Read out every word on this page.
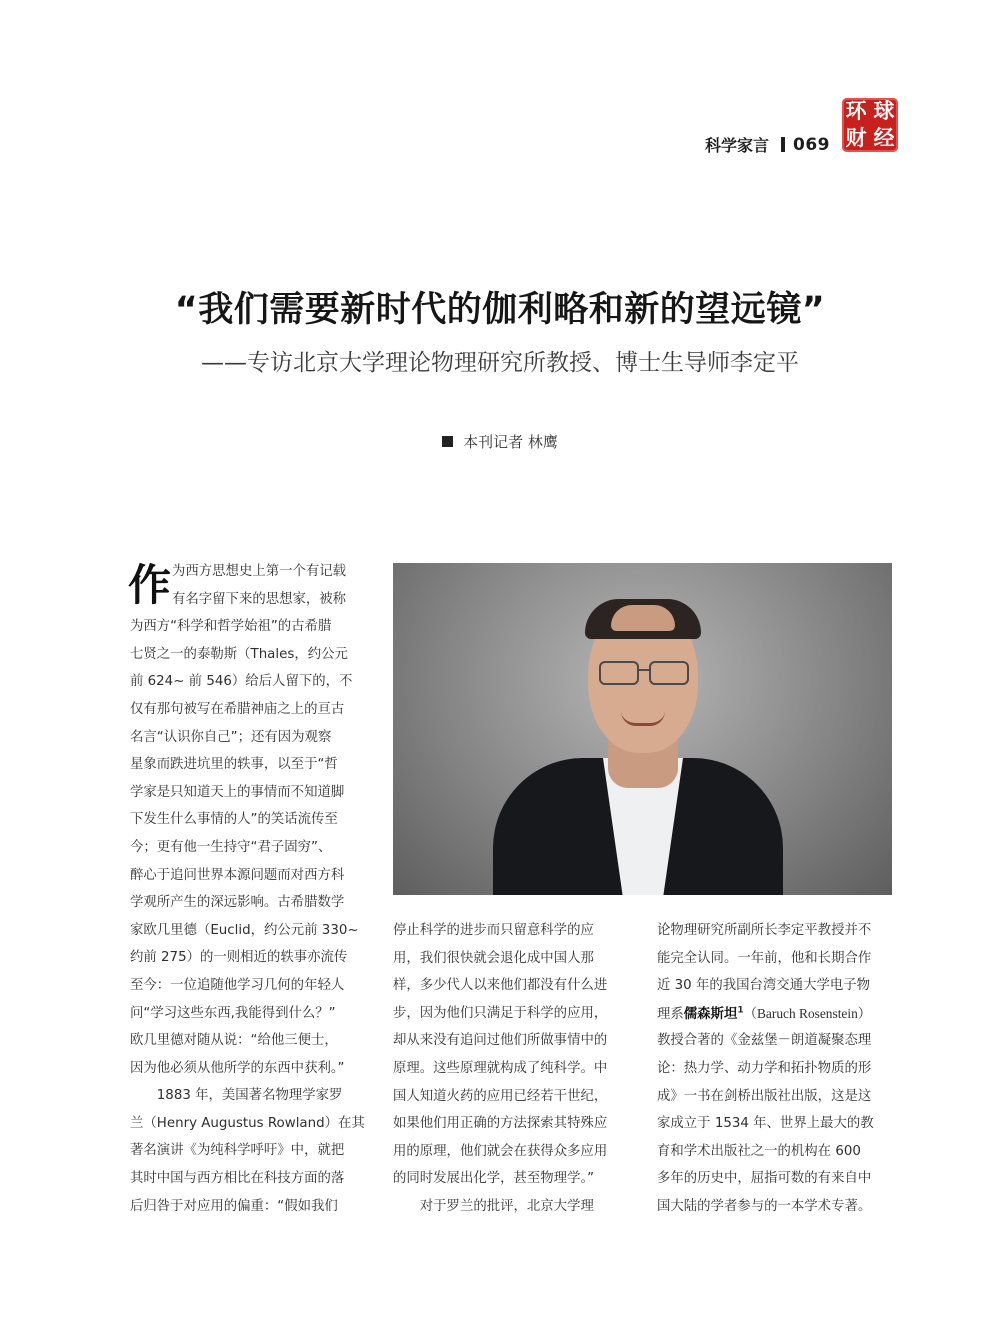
科学家言 069
环 球
财 经
“我们需要新时代的伽利略和新的望远镜”
——专访北京大学理论物理研究所教授、博士生导师李定平
本刊记者 林鹰
作 为西方思想史上第一个有记载
有名字留下来的思想家，被称
为西方“科学和哲学始祖”的古希腊
七贤之一的泰勒斯（Thales，约公元
前 624~ 前 546）给后人留下的，不
仅有那句被写在希腊神庙之上的亘古
名言“认识你自己”；还有因为观察
星象而跌进坑里的轶事，以至于“哲
学家是只知道天上的事情而不知道脚
下发生什么事情的人”的笑话流传至
今；更有他一生持守“君子固穷”、
醉心于追问世界本源问题而对西方科
学观所产生的深远影响。古希腊数学
家欧几里德（Euclid，约公元前 330~
约前 275）的一则相近的轶事亦流传
至今：一位追随他学习几何的年轻人
问“学习这些东西,我能得到什么？”
欧几里德对随从说：“给他三便士，
因为他必须从他所学的东西中获利。”
　　1883 年，美国著名物理学家罗
兰（Henry Augustus Rowland）在其
著名演讲《为纯科学呼吁》中，就把
其时中国与西方相比在科技方面的落
后归咎于对应用的偏重：“假如我们
停止科学的进步而只留意科学的应
用，我们很快就会退化成中国人那
样，多少代人以来他们都没有什么进
步，因为他们只满足于科学的应用，
却从来没有追问过他们所做事情中的
原理。这些原理就构成了纯科学。中
国人知道火药的应用已经若干世纪，
如果他们用正确的方法探索其特殊应
用的原理，他们就会在获得众多应用
的同时发展出化学，甚至物理学。”
　　对于罗兰的批评，北京大学理
论物理研究所副所长李定平教授并不
能完全认同。一年前，他和长期合作
近 30 年的我国台湾交通大学电子物
理系儒森斯坦$^1$（Baruch Rosenstein）
教授合著的《金兹堡－朗道凝聚态理
论：热力学、动力学和拓扑物质的形
成》一书在剑桥出版社出版，这是这
家成立于 1534 年、世界上最大的教
育和学术出版社之一的机构在 600
多年的历史中，屈指可数的有来自中
国大陆的学者参与的一本学术专著。
